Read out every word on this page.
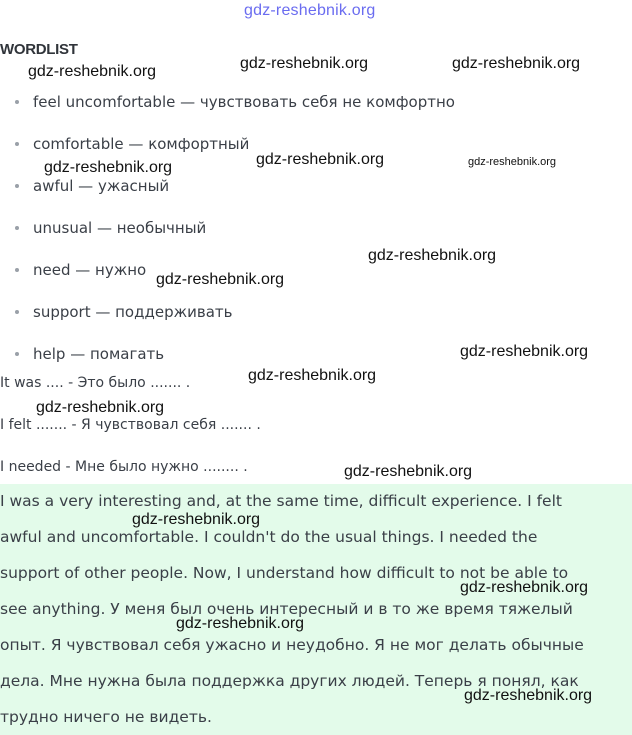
gdz-reshebnik.org
WORDLIST
feel uncomfortable — чувствовать себя не комфортно
comfortable — комфортный
awful — ужасный
unusual — необычный
need — нужно
support — поддерживать
help — помагать
It was .... - Это было ....... .
I felt ....... - Я чувствовал себя ....... .
I needed - Мне было нужно ........ .
I was a very interesting and, at the same time, difficult experience. I felt
awful and uncomfortable. I couldn't do the usual things. I needed the
support of other people. Now, I understand how difficult to not be able to
see anything. У меня был очень интересный и в то же время тяжелый
опыт. Я чувствовал себя ужасно и неудобно. Я не мог делать обычные
дела. Мне нужна была поддержка других людей. Теперь я понял, как
трудно ничего не видеть.
gdz-reshebnik.org	gdz-reshebnik.org	gdz-reshebnik.org
gdz-reshebnik.org	gdz-reshebnik.org	gdz-reshebnik.org
gdz-reshebnik.org
gdz-reshebnik.org
gdz-reshebnik.org
gdz-reshebnik.org
gdz-reshebnik.org
gdz-reshebnik.org
gdz-reshebnik.org
gdz-reshebnik.org
gdz-reshebnik.org
gdz-reshebnik.org
